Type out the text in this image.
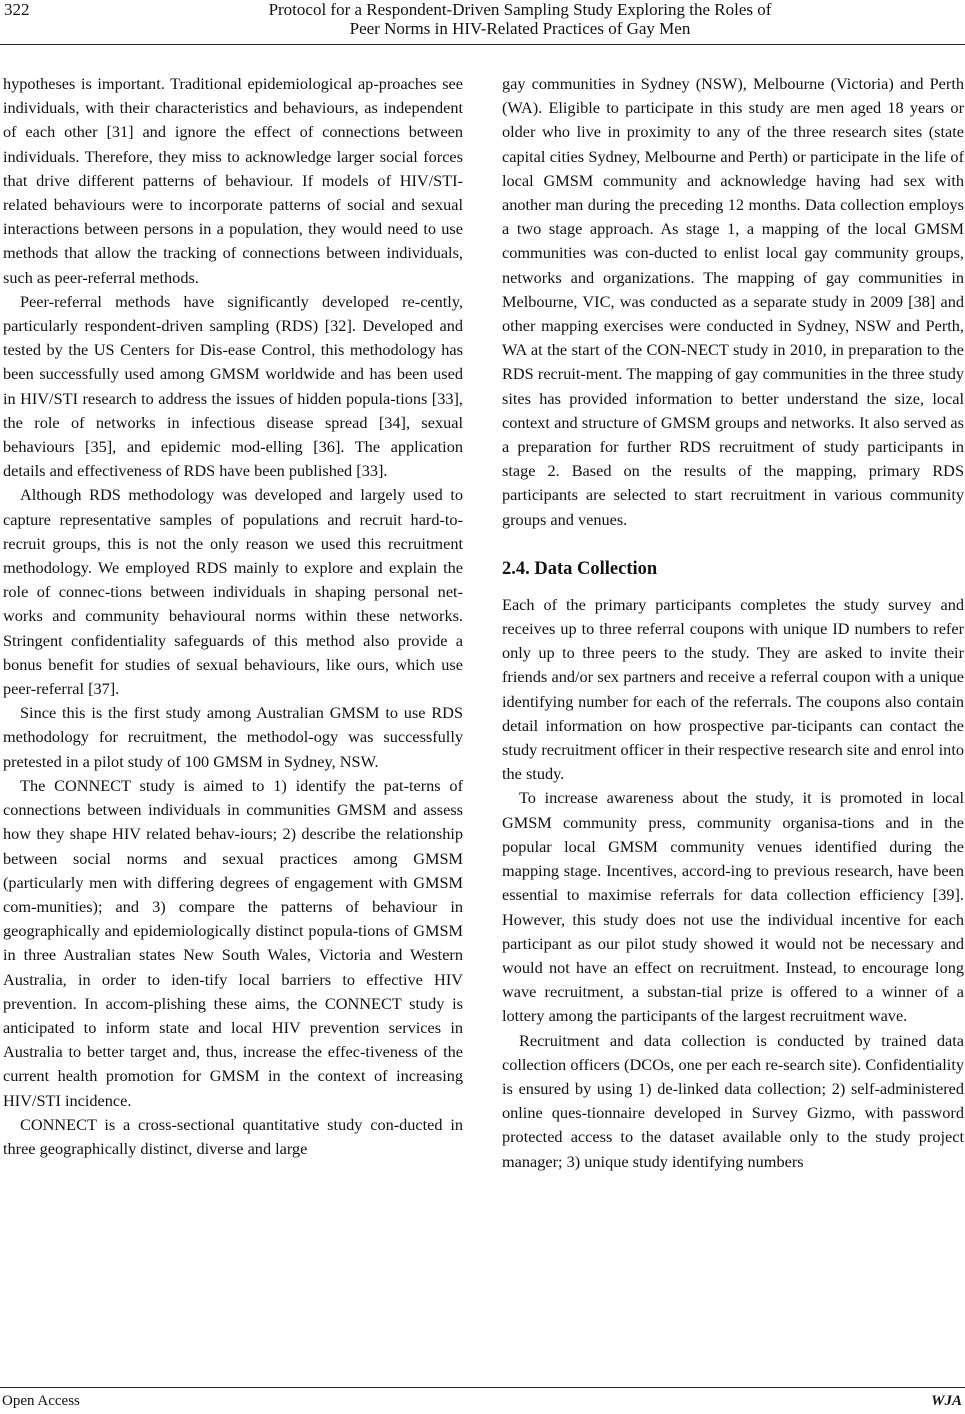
322	Protocol for a Respondent-Driven Sampling Study Exploring the Roles of
Peer Norms in HIV-Related Practices of Gay Men

hypotheses is important. Traditional epidemiological ap-proaches see individuals, with their characteristics and behaviours, as independent of each other [31] and ignore the effect of connections between individuals. Therefore, they miss to acknowledge larger social forces that drive different patterns of behaviour. If models of HIV/STI-related behaviours were to incorporate patterns of social and sexual interactions between persons in a population, they would need to use methods that allow the tracking of connections between individuals, such as peer-referral methods.

Peer-referral methods have significantly developed re-cently, particularly respondent-driven sampling (RDS) [32]. Developed and tested by the US Centers for Dis-ease Control, this methodology has been successfully used among GMSM worldwide and has been used in HIV/STI research to address the issues of hidden popula-tions [33], the role of networks in infectious disease spread [34], sexual behaviours [35], and epidemic mod-elling [36]. The application details and effectiveness of RDS have been published [33].

Although RDS methodology was developed and largely used to capture representative samples of populations and recruit hard-to-recruit groups, this is not the only reason we used this recruitment methodology. We employed RDS mainly to explore and explain the role of connec-tions between individuals in shaping personal net-works and community behavioural norms within these networks. Stringent confidentiality safeguards of this method also provide a bonus benefit for studies of sexual behaviours, like ours, which use peer-referral [37].

Since this is the first study among Australian GMSM to use RDS methodology for recruitment, the methodol-ogy was successfully pretested in a pilot study of 100 GMSM in Sydney, NSW.

The CONNECT study is aimed to 1) identify the pat-terns of connections between individuals in communities GMSM and assess how they shape HIV related behav-iours; 2) describe the relationship between social norms and sexual practices among GMSM (particularly men with differing degrees of engagement with GMSM com-munities); and 3) compare the patterns of behaviour in geographically and epidemiologically distinct popula-tions of GMSM in three Australian states New South Wales, Victoria and Western Australia, in order to iden-tify local barriers to effective HIV prevention. In accom-plishing these aims, the CONNECT study is anticipated to inform state and local HIV prevention services in Australia to better target and, thus, increase the effec-tiveness of the current health promotion for GMSM in the context of increasing HIV/STI incidence.

CONNECT is a cross-sectional quantitative study con-ducted in three geographically distinct, diverse and large

gay communities in Sydney (NSW), Melbourne (Victoria) and Perth (WA). Eligible to participate in this study are men aged 18 years or older who live in proximity to any of the three research sites (state capital cities Sydney, Melbourne and Perth) or participate in the life of local GMSM community and acknowledge having had sex with another man during the preceding 12 months. Data collection employs a two stage approach. As stage 1, a mapping of the local GMSM communities was con-ducted to enlist local gay community groups, networks and organizations. The mapping of gay communities in Melbourne, VIC, was conducted as a separate study in 2009 [38] and other mapping exercises were conducted in Sydney, NSW and Perth, WA at the start of the CON-NECT study in 2010, in preparation to the RDS recruit-ment. The mapping of gay communities in the three study sites has provided information to better understand the size, local context and structure of GMSM groups and networks. It also served as a preparation for further RDS recruitment of study participants in stage 2. Based on the results of the mapping, primary RDS participants are selected to start recruitment in various community groups and venues.

2.4. Data Collection

Each of the primary participants completes the study survey and receives up to three referral coupons with unique ID numbers to refer only up to three peers to the study. They are asked to invite their friends and/or sex partners and receive a referral coupon with a unique identifying number for each of the referrals. The coupons also contain detail information on how prospective par-ticipants can contact the study recruitment officer in their respective research site and enrol into the study.

To increase awareness about the study, it is promoted in local GMSM community press, community organisa-tions and in the popular local GMSM community venues identified during the mapping stage. Incentives, accord-ing to previous research, have been essential to maximise referrals for data collection efficiency [39]. However, this study does not use the individual incentive for each participant as our pilot study showed it would not be necessary and would not have an effect on recruitment. Instead, to encourage long wave recruitment, a substan-tial prize is offered to a winner of a lottery among the participants of the largest recruitment wave.

Recruitment and data collection is conducted by trained data collection officers (DCOs, one per each re-search site). Confidentiality is ensured by using 1) de-linked data collection; 2) self-administered online ques-tionnaire developed in Survey Gizmo, with password protected access to the dataset available only to the study project manager; 3) unique study identifying numbers

Open Access	WJA
